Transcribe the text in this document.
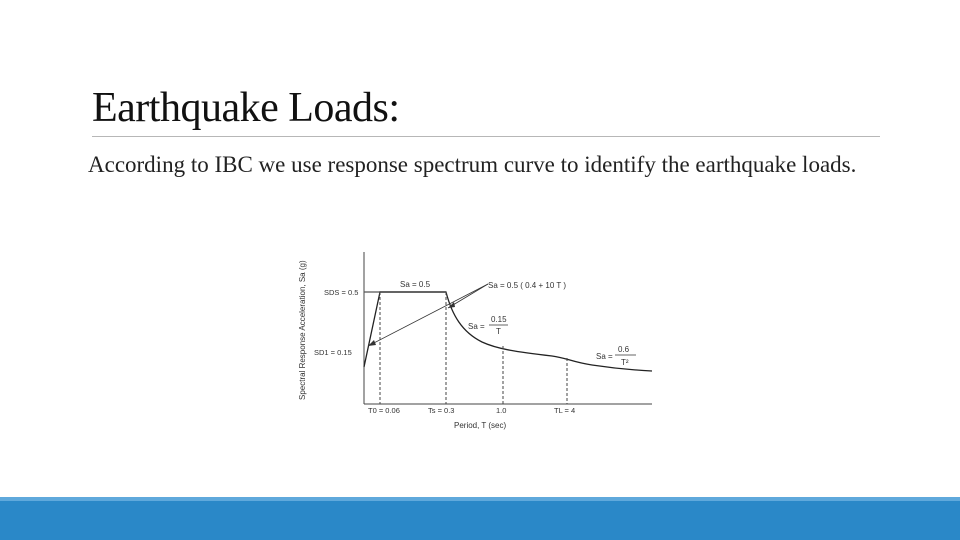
Earthquake Loads:
According to IBC we use response spectrum curve to identify the earthquake loads.
Spectral Response Acceleration, Sa (g) SDS = 0.5
SD1 = 0.15
Sa = 0.5	Sa = 0.5 ( 0.4 + 10 T )
Sa =
0.15
T
Sa =
0.6
T²
T0 = 0.06	Ts = 0.3	1.0	TL = 4
Period, T (sec)
